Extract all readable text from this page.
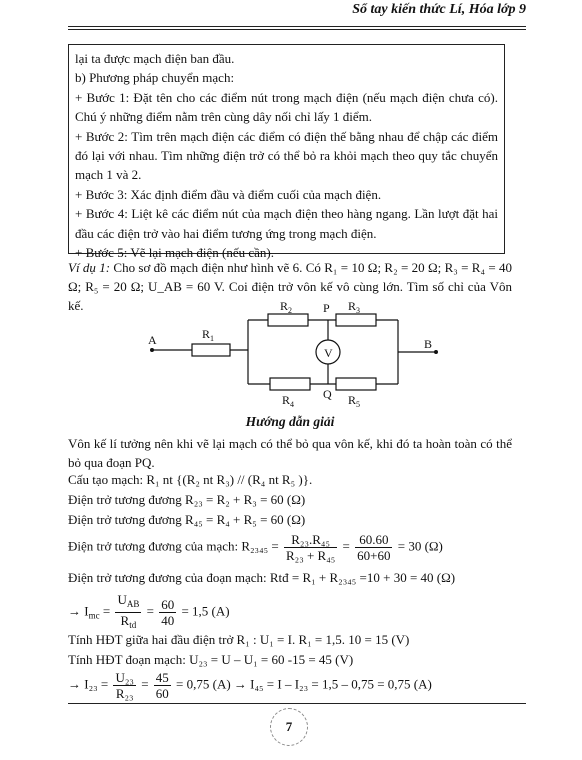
Sổ tay kiến thức Lí, Hóa lớp 9

lại ta được mạch điện ban đầu.

b) Phương pháp chuyển mạch:

+ Bước 1: Đặt tên cho các điểm nút trong mạch điện (nếu mạch điện chưa có). Chú ý những điểm nằm trên cùng dây nối chỉ lấy 1 điểm.

+ Bước 2: Tìm trên mạch điện các điểm có điện thế bằng nhau để chập các điểm đó lại với nhau. Tìm những điện trở có thể bỏ ra khỏi mạch theo quy tắc chuyển mạch 1 và 2.

+ Bước 3: Xác định điểm đầu và điểm cuối của mạch điện.

+ Bước 4: Liệt kê các điểm nút của mạch điện theo hàng ngang. Lần lượt đặt hai đầu các điện trở vào hai điểm tương ứng trong mạch điện.

+ Bước 5: Vẽ lại mạch điện (nếu cần).

Ví dụ 1: Cho sơ đồ mạch điện như hình vẽ 6. Có R₁ = 10 Ω; R₂ = 20 Ω; R₃ = R₄ = 40 Ω; R₅ = 20 Ω; U_AB = 60 V. Coi điện trở vôn kế vô cùng lớn. Tìm số chỉ của Vôn kế.
A	B
P
Q
V
$R_1$
$R_2$	$R_3$
$R_4$	$R_5$
Hướng dẫn giải
Vôn kế lí tưởng nên khi vẽ lại mạch có thể bỏ qua vôn kế, khi đó ta hoàn toàn có thể bỏ qua đoạn PQ.
Cấu tạo mạch: R₁ nt {(R₂ nt R₃) // (R₄ nt R₅ )}.
Điện trở tương đương R₂₃ = R₂ + R₃ = 60 (Ω)
Điện trở tương đương R₄₅ = R₄ + R₅ = 60 (Ω)
Điện trở tương đương của mạch: $R_{2345} = \frac{\text{R₂₃.R₄₅}}{\text{R₂₃ + R₄₅}} = \frac{60.60}{60+60} = 30$ (Ω)
Điện trở tương đương của đoạn mạch: Rtđ = R₁ + R₂₃₄₅ =10 + 30 = 40 (Ω)
→ $I_{mc} = \frac{U_{AB}}{R_{td}} = \frac{60}{40} = 1,5$ (A)
Tính HĐT giữa hai đầu điện trở R₁ : U₁ = I. R₁ = 1,5. 10 = 15 (V)
Tính HĐT đoạn mạch: U₂₃ = U – U₁ = 60 -15 = 45 (V)
→ $I_{23} = \frac{\text{U₂₃}}{\text{R₂₃}} = \frac{45}{60} = 0,75$ (A) → I₄₅ = I – I₂₃ = 1,5 – 0,75 = 0,75 (A)
7
